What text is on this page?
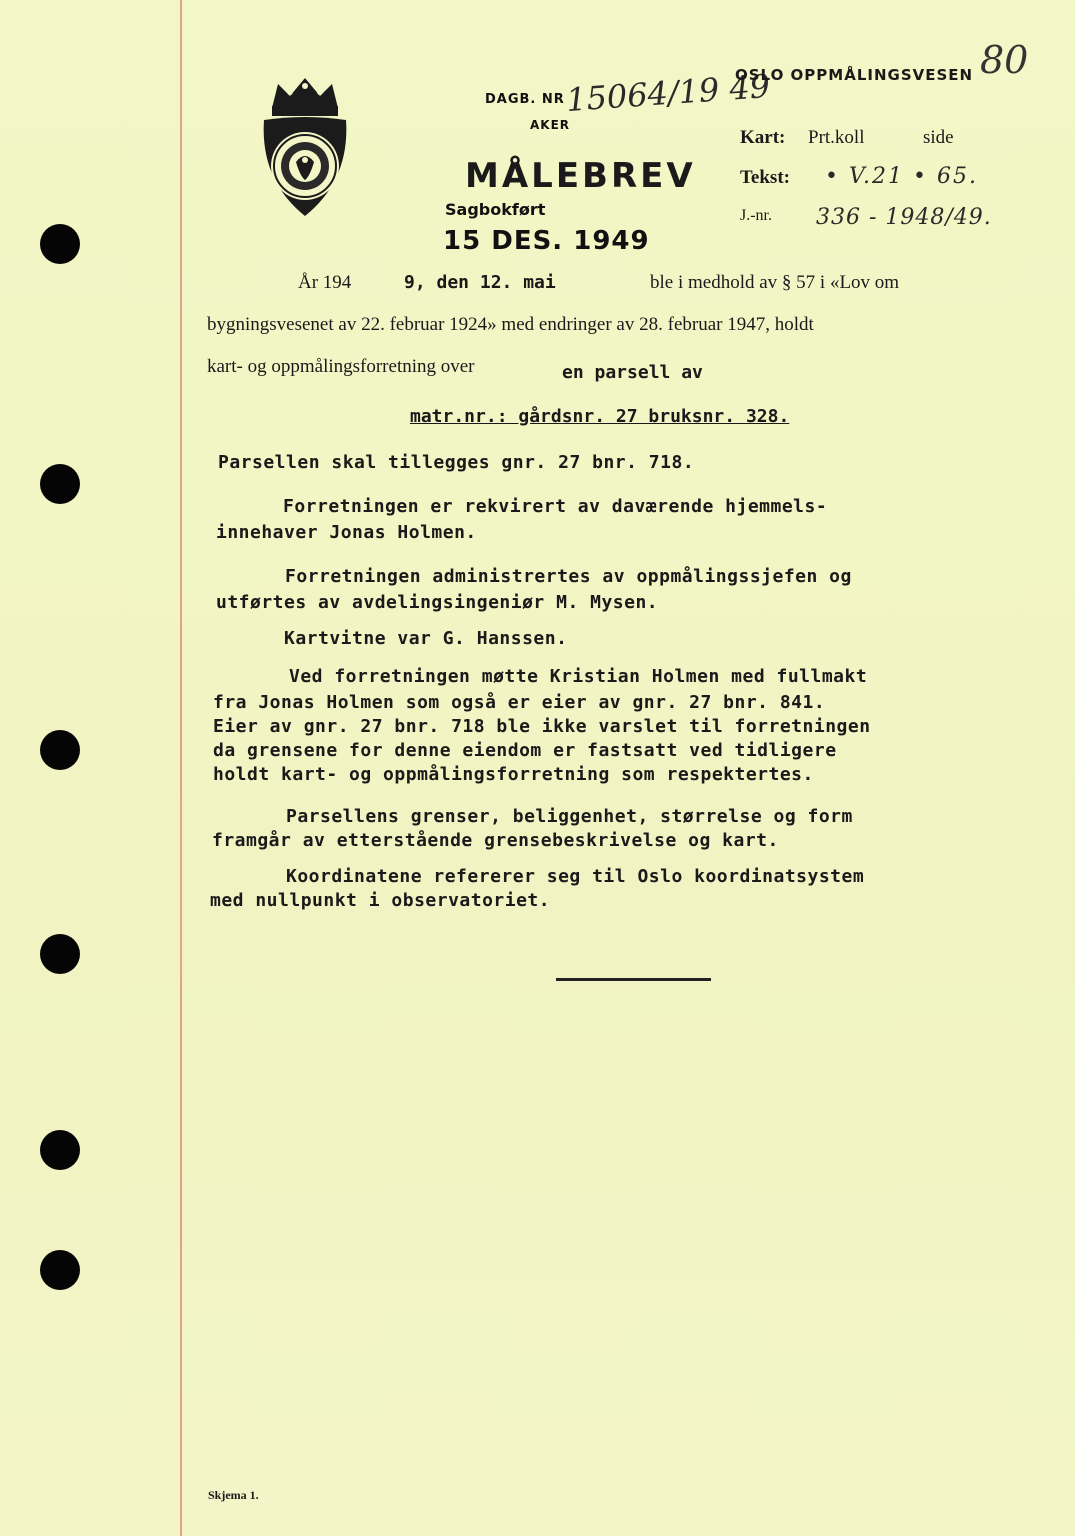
DAGB. NR 15064/19 49
AKER
MÅLEBREV
OSLO OPPMÅLINGSVESEN 80
Kart: Prt.koll	side
Tekst: • V.21 • 65.
J.-nr. 336 - 1948/49.
Sagbokført
15 DES. 1949
År 194	9, den 12. mai	ble i medhold av § 57 i «Lov om
bygningsvesenet av 22. februar 1924» med endringer av 28. februar 1947, holdt
kart- og oppmålingsforretning over	en parsell av
matr.nr.: gårdsnr. 27 bruksnr. 328.
Parsellen skal tillegges gnr. 27 bnr. 718.
Forretningen er rekvirert av daværende hjemmels-
innehaver Jonas Holmen.
Forretningen administrertes av oppmålingssjefen og
utførtes av avdelingsingeniør M. Mysen.
Kartvitne var G. Hanssen.
Ved forretningen møtte Kristian Holmen med fullmakt
fra Jonas Holmen som også er eier av gnr. 27 bnr. 841.
Eier av gnr. 27 bnr. 718 ble ikke varslet til forretningen
da grensene for denne eiendom er fastsatt ved tidligere
holdt kart- og oppmålingsforretning som respektertes.
Parsellens grenser, beliggenhet, størrelse og form
framgår av etterstående grensebeskrivelse og kart.
Koordinatene refererer seg til Oslo koordinatsystem
med nullpunkt i observatoriet.
Skjema 1.
